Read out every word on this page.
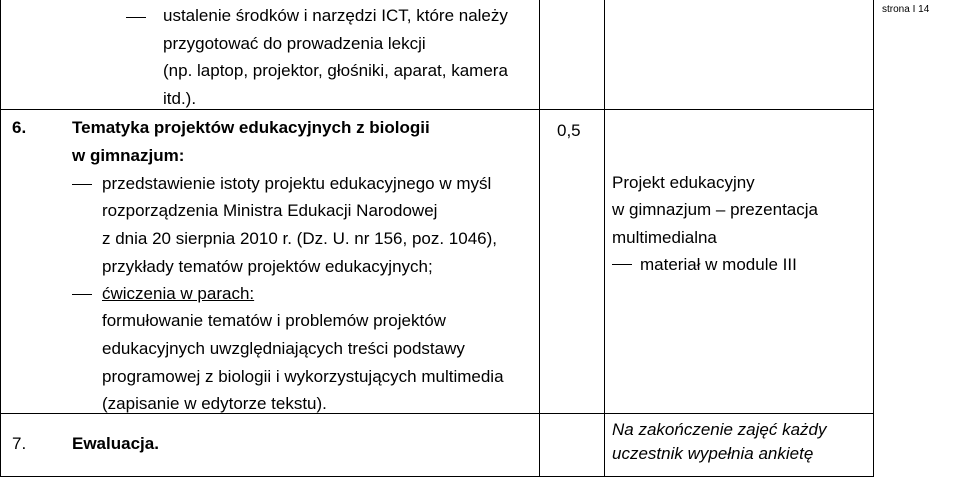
strona I 14
ustalenie środków i narzędzi ICT, które należy
przygotować do prowadzenia lekcji
(np. laptop, projektor, głośniki, aparat, kamera
itd.).
6.	Tematyka projektów edukacyjnych z biologii
w gimnazjum:
przedstawienie istoty projektu edukacyjnego w myśl
rozporządzenia Ministra Edukacji Narodowej
z dnia 20 sierpnia 2010 r. (Dz. U. nr 156, poz. 1046),
przykłady tematów projektów edukacyjnych;
ćwiczenia w parach:
formułowanie tematów i problemów projektów
edukacyjnych uwzględniających treści podstawy
programowej z biologii i wykorzystujących multimedia
(zapisanie w edytorze tekstu).
0,5
Projekt edukacyjny
w gimnazjum – prezentacja
multimedialna
materiał w module III
7.	Ewaluacja.
Na zakończenie zajęć każdy
uczestnik wypełnia ankietę
